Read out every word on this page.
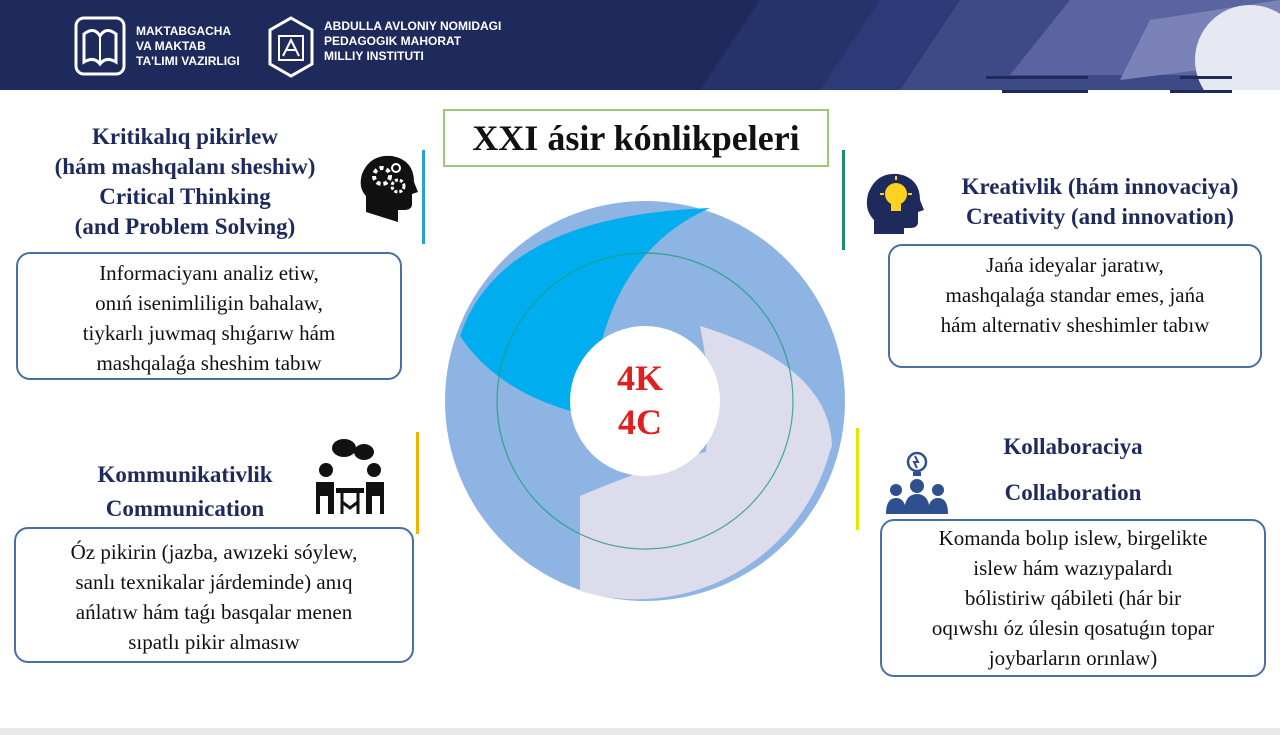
MAKTABGACHA
VA MAKTAB
TA'LIMI VAZIRLIGI
ABDULLA AVLONIY NOMIDAGI
PEDAGOGIK MAHORAT
MILLIY INSTITUTI
XXI ásir kónlikpeleri
4K
4C
Kritikalıq pikirlew
(hám mashqalanı sheshiw)
Critical Thinking
(and Problem Solving)
Informaciyanı analiz etiw,
onıń isenimliligin bahalaw,
tiykarlı juwmaq shıǵarıw hám
mashqalaǵa sheshim tabıw
Kreativlik (hám innovaciya)
Creativity (and innovation)
Jańa ideyalar jaratıw,
mashqalaǵa standar emes, jańa
hám alternativ sheshimler tabıw
Kommunikativlik
Communication
Óz pikirin (jazba, awızeki sóylew,
sanlı texnikalar járdeminde) anıq
ańlatıw hám taǵı basqalar menen
sıpatlı pikir almasıw
Kollaboraciya
Collaboration
Komanda bolıp islew, birgelikte
islew hám wazıypalardı
bólistiriw qábileti (hár bir
oqıwshı óz úlesin qosatuǵın topar
joybarların orınlaw)
